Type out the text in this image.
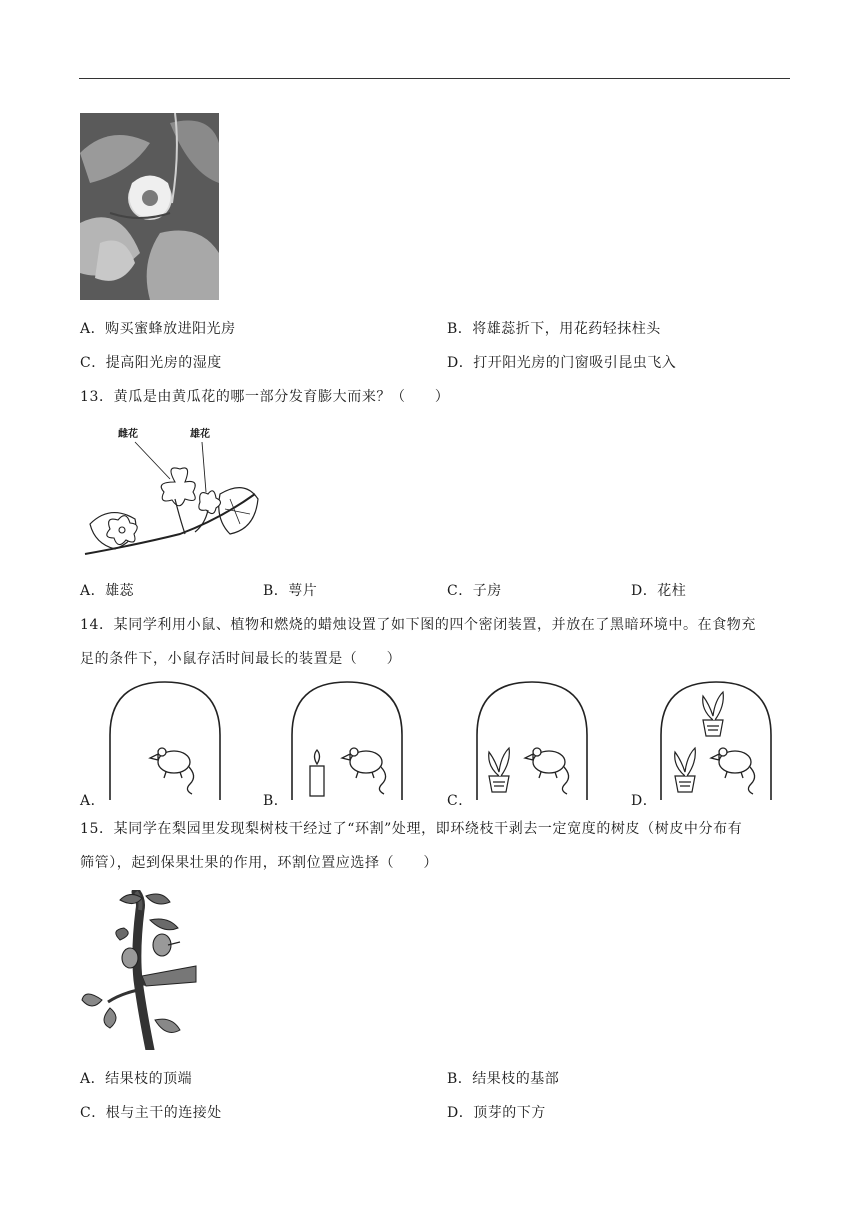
A．购买蜜蜂放进阳光房	B．将雄蕊折下，用花药轻抹柱头
C．提高阳光房的湿度	D．打开阳光房的门窗吸引昆虫飞入
13．黄瓜是由黄瓜花的哪一部分发育膨大而来？（　　）
雌花	雄花
A．雄蕊	B．萼片	C．子房	D．花柱
14．某同学利用小鼠、植物和燃烧的蜡烛设置了如下图的四个密闭装置，并放在了黑暗环境中。在食物充
足的条件下，小鼠存活时间最长的装置是（　　）
A．	B．	C．	D．
15．某同学在梨园里发现梨树枝干经过了“环割”处理，即环绕枝干剥去一定宽度的树皮（树皮中分布有
筛管），起到保果壮果的作用，环割位置应选择（　　）
A．结果枝的顶端	B．结果枝的基部
C．根与主干的连接处	D．顶芽的下方
